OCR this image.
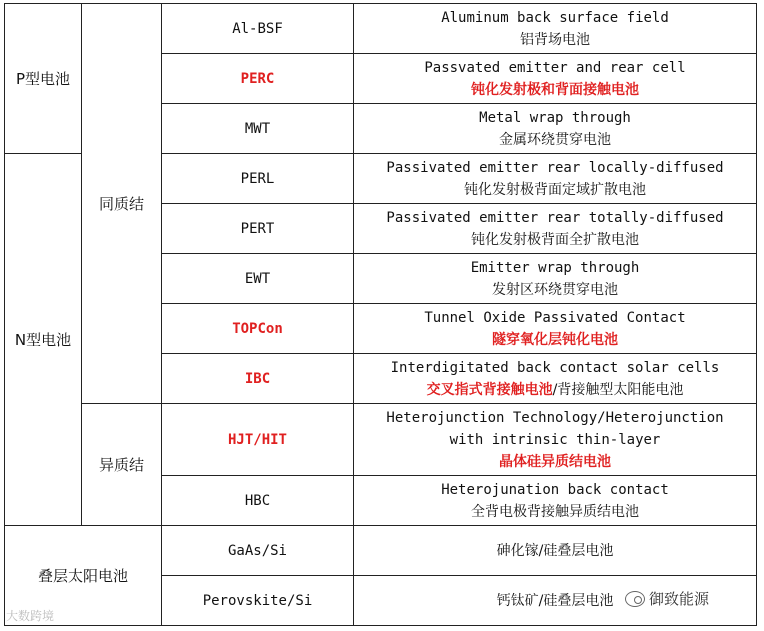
P型电池	同质结	Al-BSF	Aluminum back surface field
铝背场电池

		PERC	Passvated emitter and rear cell
钝化发射极和背面接触电池

		MWT	Metal wrap through
金属环绕贯穿电池

N型电池		PERL	Passivated emitter rear locally-diffused
钝化发射极背面定域扩散电池

		PERT	Passivated emitter rear totally-diffused
钝化发射极背面全扩散电池

		EWT	Emitter wrap through
发射区环绕贯穿电池

		TOPCon	Tunnel Oxide Passivated Contact
隧穿氧化层钝化电池

		IBC	Interdigitated back contact solar cells
交叉指式背接触电池/背接触型太阳能电池

	异质结	HJT/HIT	Heterojunction Technology/Heterojunction
with intrinsic thin-layer
晶体硅异质结电池

		HBC	Heterojunation back contact
全背电极背接触异质结电池

叠层太阳电池		GaAs/Si	砷化镓/硅叠层电池

		Perovskite/Si	钙钛矿/硅叠层电池
大数跨境
御致能源
